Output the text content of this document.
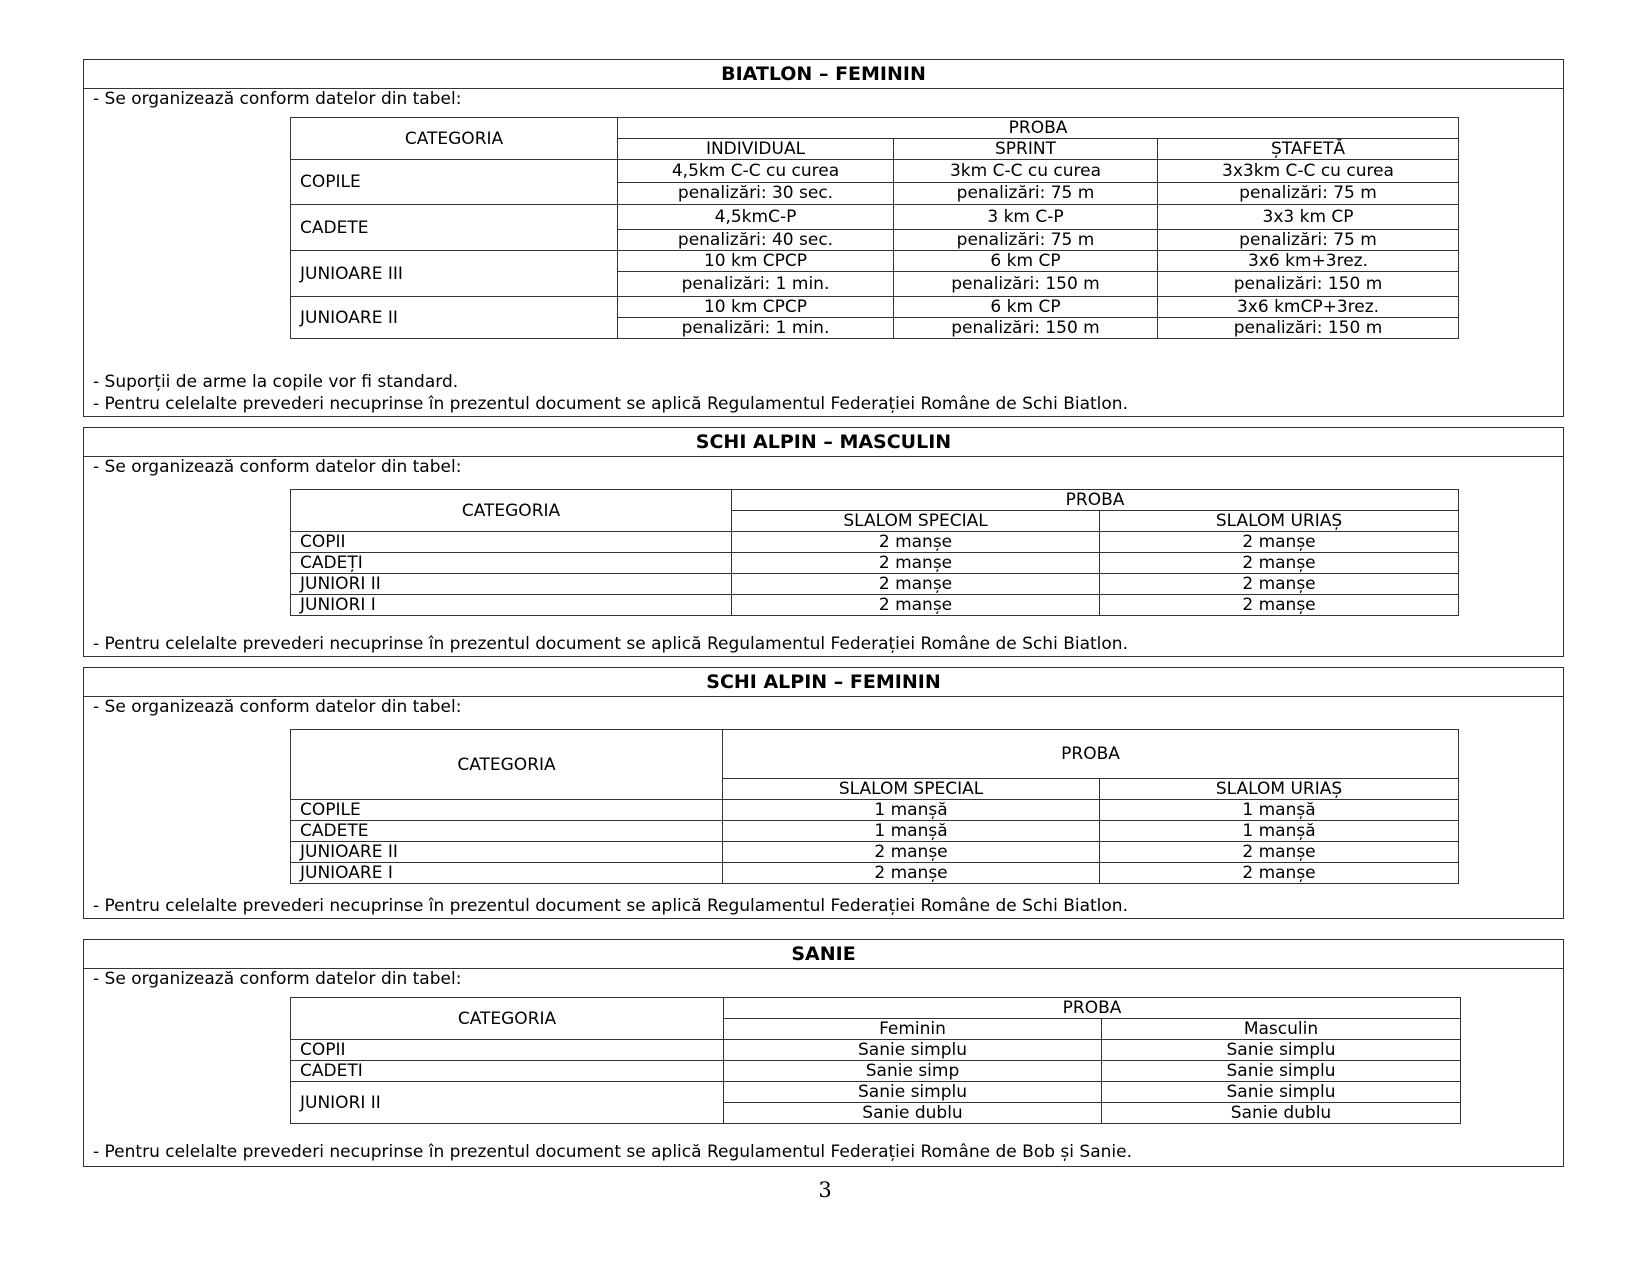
BIATLON – FEMININ
- Se organizează conform datelor din tabel:
CATEGORIA	PROBA		
	INDIVIDUAL	SPRINT	ȘTAFETĂ
COPILE	4,5km C-C cu curea	3km C-C cu curea	3x3km C-C cu curea
	penalizări: 30 sec.	penalizări: 75 m	penalizări: 75 m
CADETE	4,5kmC-P	3 km C-P	3x3 km CP
	penalizări: 40 sec.	penalizări: 75 m	penalizări: 75 m
JUNIOARE III	10 km CPCP	6 km CP	3x6 km+3rez.
	penalizări: 1 min.	penalizări: 150 m	penalizări: 150 m
JUNIOARE II	10 km CPCP	6 km CP	3x6 kmCP+3rez.
	penalizări: 1 min.	penalizări: 150 m	penalizări: 150 m
- Suporții de arme la copile vor fi standard.
- Pentru celelalte prevederi necuprinse în prezentul document se aplică Regulamentul Federației Române de Schi Biatlon.
SCHI ALPIN – MASCULIN
- Se organizează conform datelor din tabel:
CATEGORIA	PROBA	
	SLALOM SPECIAL	SLALOM URIAȘ
COPII	2 manșe	2 manșe
CADEȚI	2 manșe	2 manșe
JUNIORI II	2 manșe	2 manșe
JUNIORI I	2 manșe	2 manșe
- Pentru celelalte prevederi necuprinse în prezentul document se aplică Regulamentul Federației Române de Schi Biatlon.
SCHI ALPIN – FEMININ
- Se organizează conform datelor din tabel:
CATEGORIA	PROBA	
	SLALOM SPECIAL	SLALOM URIAȘ
COPILE	1 manșă	1 manșă
CADETE	1 manșă	1 manșă
JUNIOARE II	2 manșe	2 manșe
JUNIOARE I	2 manșe	2 manșe
- Pentru celelalte prevederi necuprinse în prezentul document se aplică Regulamentul Federației Române de Schi Biatlon.
SANIE
- Se organizează conform datelor din tabel:
CATEGORIA	PROBA	
	Feminin	Masculin
COPII	Sanie simplu	Sanie simplu
CADETI	Sanie simp	Sanie simplu
JUNIORI II	Sanie simplu	Sanie simplu
	Sanie dublu	Sanie dublu
- Pentru celelalte prevederi necuprinse în prezentul document se aplică Regulamentul Federației Române de Bob și Sanie.
3
